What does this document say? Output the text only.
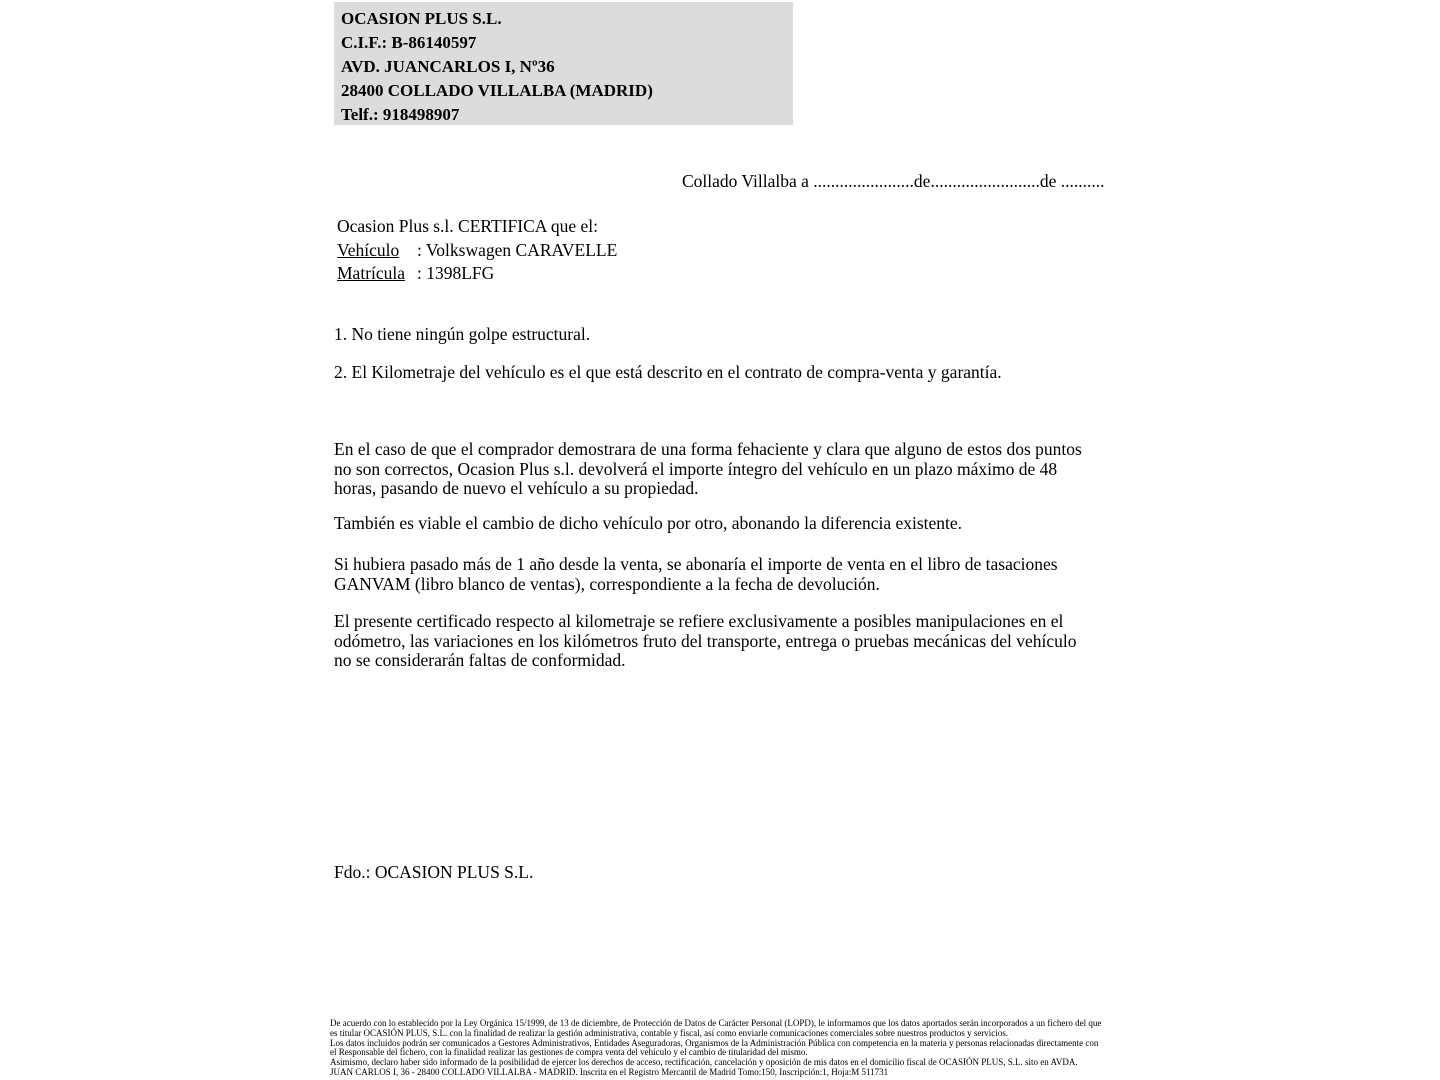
OCASION PLUS S.L.
C.I.F.: B-86140597
AVD. JUANCARLOS I, Nº36
28400 COLLADO VILLALBA (MADRID)
Telf.: 918498907
Collado Villalba a .......................de.........................de ..........
Ocasion Plus s.l. CERTIFICA que el:
Vehículo : Volkswagen CARAVELLE
Matrícula : 1398LFG
1. No tiene ningún golpe estructural.
2. El Kilometraje del vehículo es el que está descrito en el contrato de compra-venta y garantía.
En el caso de que el comprador demostrara de una forma fehaciente y clara que alguno de estos dos puntos no son correctos, Ocasion Plus s.l. devolverá el importe íntegro del vehículo en un plazo máximo de 48 horas, pasando de nuevo el vehículo a su propiedad.
También es viable el cambio de dicho vehículo por otro, abonando la diferencia existente.
Si hubiera pasado más de 1 año desde la venta, se abonaría el importe de venta en el libro de tasaciones GANVAM (libro blanco de ventas), correspondiente a la fecha de devolución.
El presente certificado respecto al kilometraje se refiere exclusivamente a posibles manipulaciones en el odómetro, las variaciones en los kilómetros fruto del transporte, entrega o pruebas mecánicas del vehículo no se considerarán faltas de conformidad.
Fdo.: OCASION PLUS S.L.

De acuerdo con lo establecido por la Ley Orgánica 15/1999, de 13 de diciembre, de Protección de Datos de Carácter Personal (LOPD), le informamos que los datos aportados serán incorporados a un fichero del que es titular OCASIÓN PLUS, S.L. con la finalidad de realizar la gestión administrativa, contable y fiscal, así como enviarle comunicaciones comerciales sobre nuestros productos y servicios.

Los datos incluidos podrán ser comunicados a Gestores Administrativos, Entidades Aseguradoras, Organismos de la Administración Pública con competencia en la materia y personas relacionadas directamente con el Responsable del fichero, con la finalidad realizar las gestiones de compra venta del vehículo y el cambio de titularidad del mismo.

Asimismo, declaro haber sido informado de la posibilidad de ejercer los derechos de acceso, rectificación, cancelación y oposición de mis datos en el domicilio fiscal de OCASIÓN PLUS, S.L. sito en AVDA. JUAN CARLOS I, 36 - 28400 COLLADO VILLALBA - MADRID. Inscrita en el Registro Mercantil de Madrid Tomo:150, Inscripción:1, Hoja:M 511731
